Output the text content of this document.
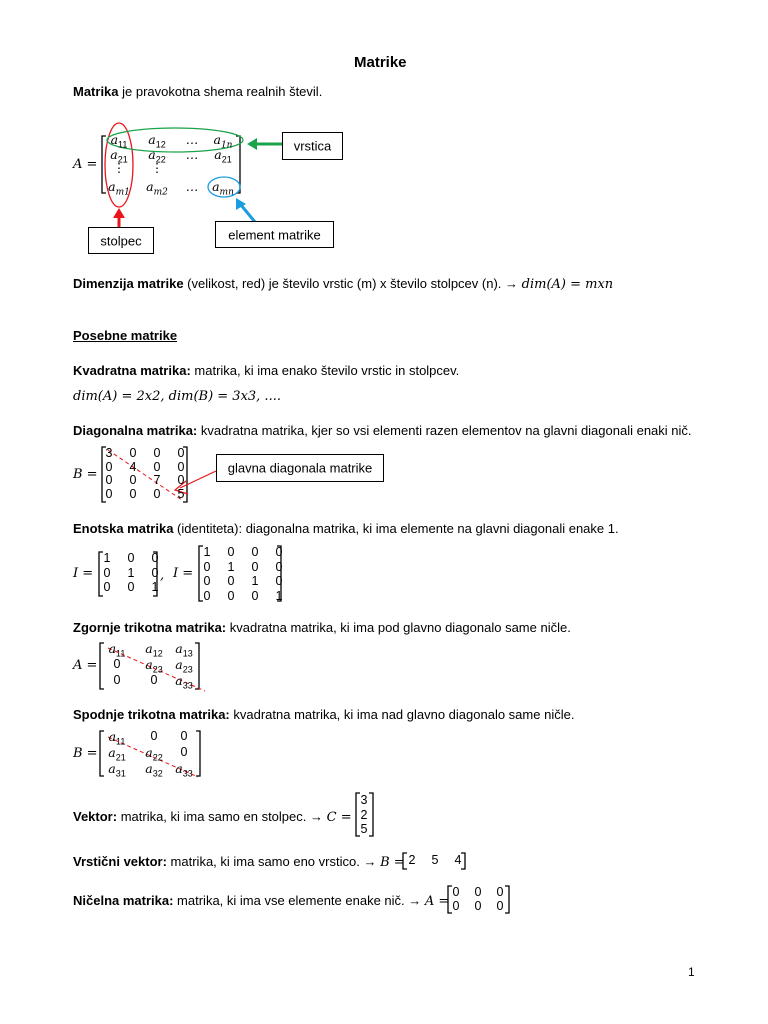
Matrike
Matrika je pravokotna shema realnih števil.
A =
$a_{11}$ $a_{12}$	…	$a_{1n}$
$a_{21}$ $a_{22}$	…	$a_{21}$
⋮	⋮
$a_{m1}$ $a_{m2}$	…	$a_{mn}$
vrstica
stolpec	element matrike
Dimenzija matrike (velikost, red) je število vrstic (m) x število stolpcev (n). → dim(A) = mxn
Posebne matrike
Kvadratna matrika: matrika, ki ima enako število vrstic in stolpcev.
dim(A) = 2x2, dim(B) = 3x3, ....
Diagonalna matrika: kvadratna matrika, kjer so vsi elementi razen elementov na glavni diagonali enaki nič.
B =
3	0	0	0
0	4	0	0
0	0	7	0
0	0	0	5
glavna diagonala matrike
Enotska matrika (identiteta): diagonalna matrika, ki ima elemente na glavni diagonali enake 1.
I =	, I =
1	0	0
0	1	0
0	0	1
1	0	0	0
0	1	0	0
0	0	1	0
0	0	0	1
Zgornje trikotna matrika: kvadratna matrika, ki ima pod glavno diagonalo same ničle.
A =
$a_{11}$ $a_{12}$ $a_{13}$
0	$a_{23}$ $a_{23}$
0	0	$a_{33}$
Spodnje trikotna matrika: kvadratna matrika, ki ima nad glavno diagonalo same ničle.
B =
$a_{11}$	0	0
$a_{21}$ $a_{22}$	0
$a_{31}$ $a_{32}$ $a_{33}$
Vektor: matrika, ki ima samo en stolpec. → C =
3
2
5
Vrstični vektor: matrika, ki ima samo eno vrstico. → B = 2	5	4
Ničelna matrika: matrika, ki ima vse elemente enake nič. → A =
0	0	0
0	0	0
1
